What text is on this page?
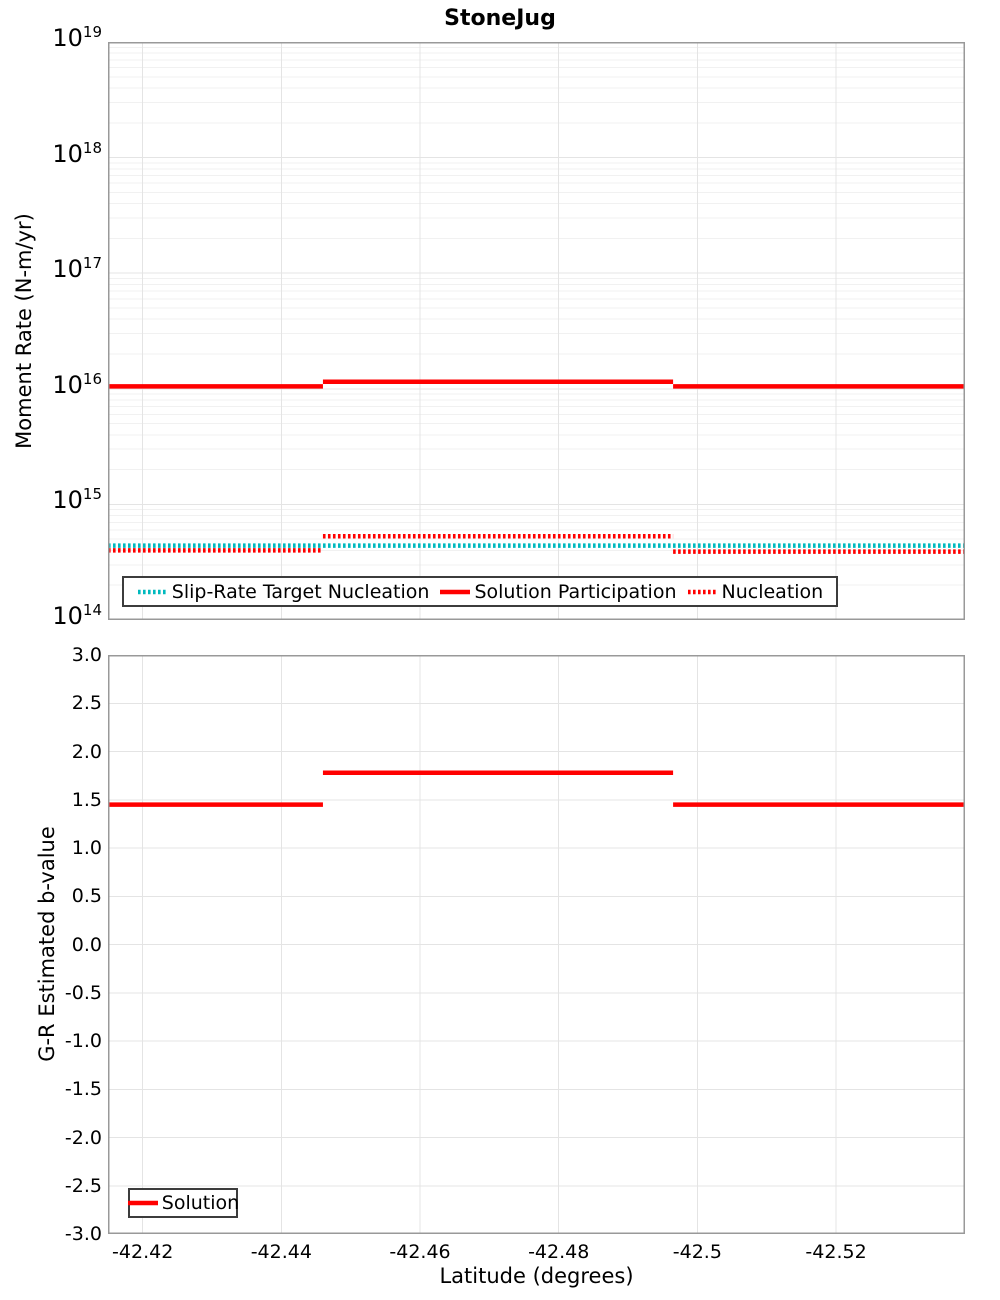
StoneJug
Moment Rate (N-m/yr)
G-R Estimated b-value
Latitude (degrees)
$10^{19}$
$10^{18}$
$10^{17}$
$10^{16}$
$10^{15}$
$10^{14}$
Slip-Rate Target Nucleation Solution Participation Nucleation
3.0
2.5
2.0
1.5
1.0
0.5
0.0
-0.5
-1.0
-1.5
-2.0
-2.5
-3.0
-42.42	-42.44	-42.46	-42.48	-42.5	-42.52
Solution
